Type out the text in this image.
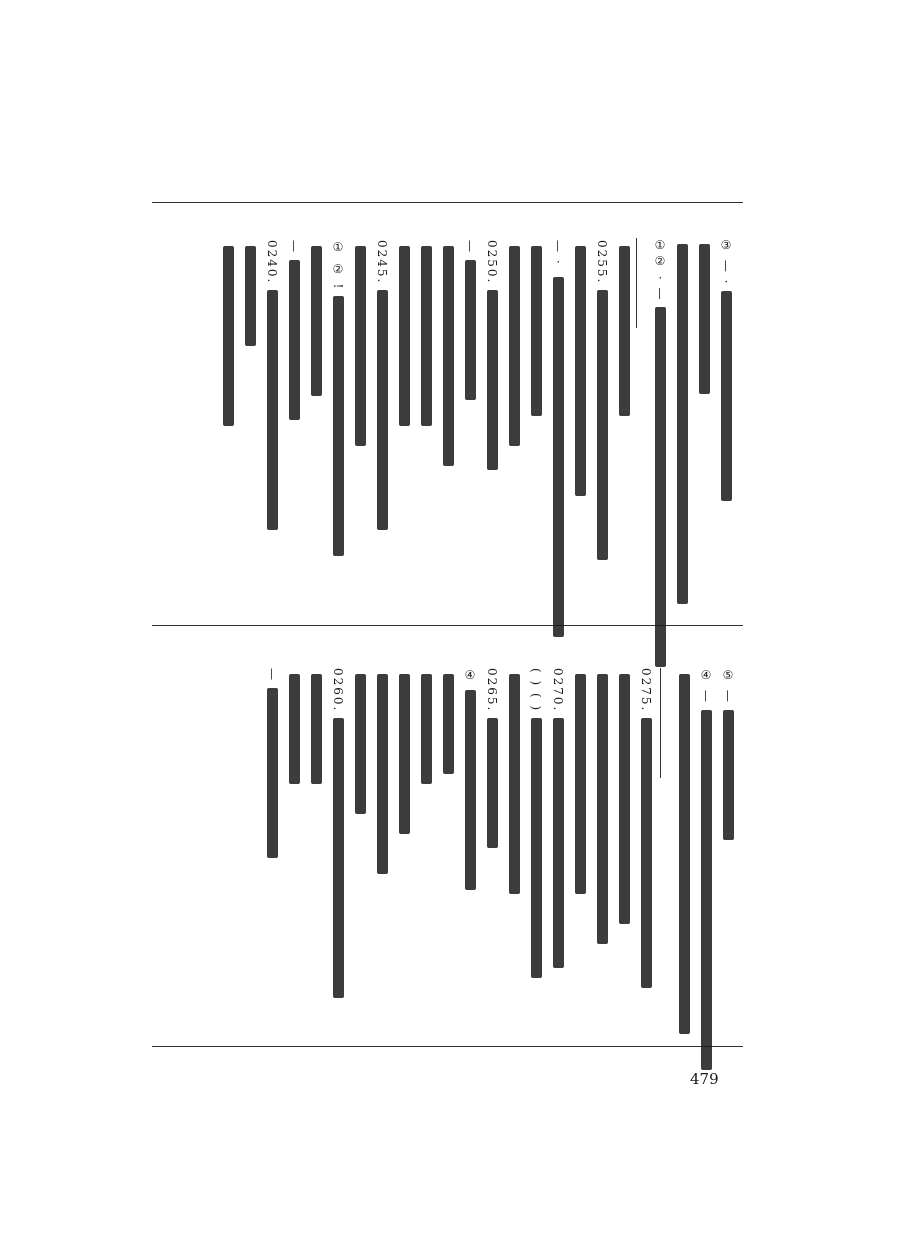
③ — ·
①② · —
0255.
— ·
0250.
—
0245.
① ② !
—
0240.
⑤ —
④ —
0275.
0270.
( ) ( )
0265.
④
0260.
—
479
